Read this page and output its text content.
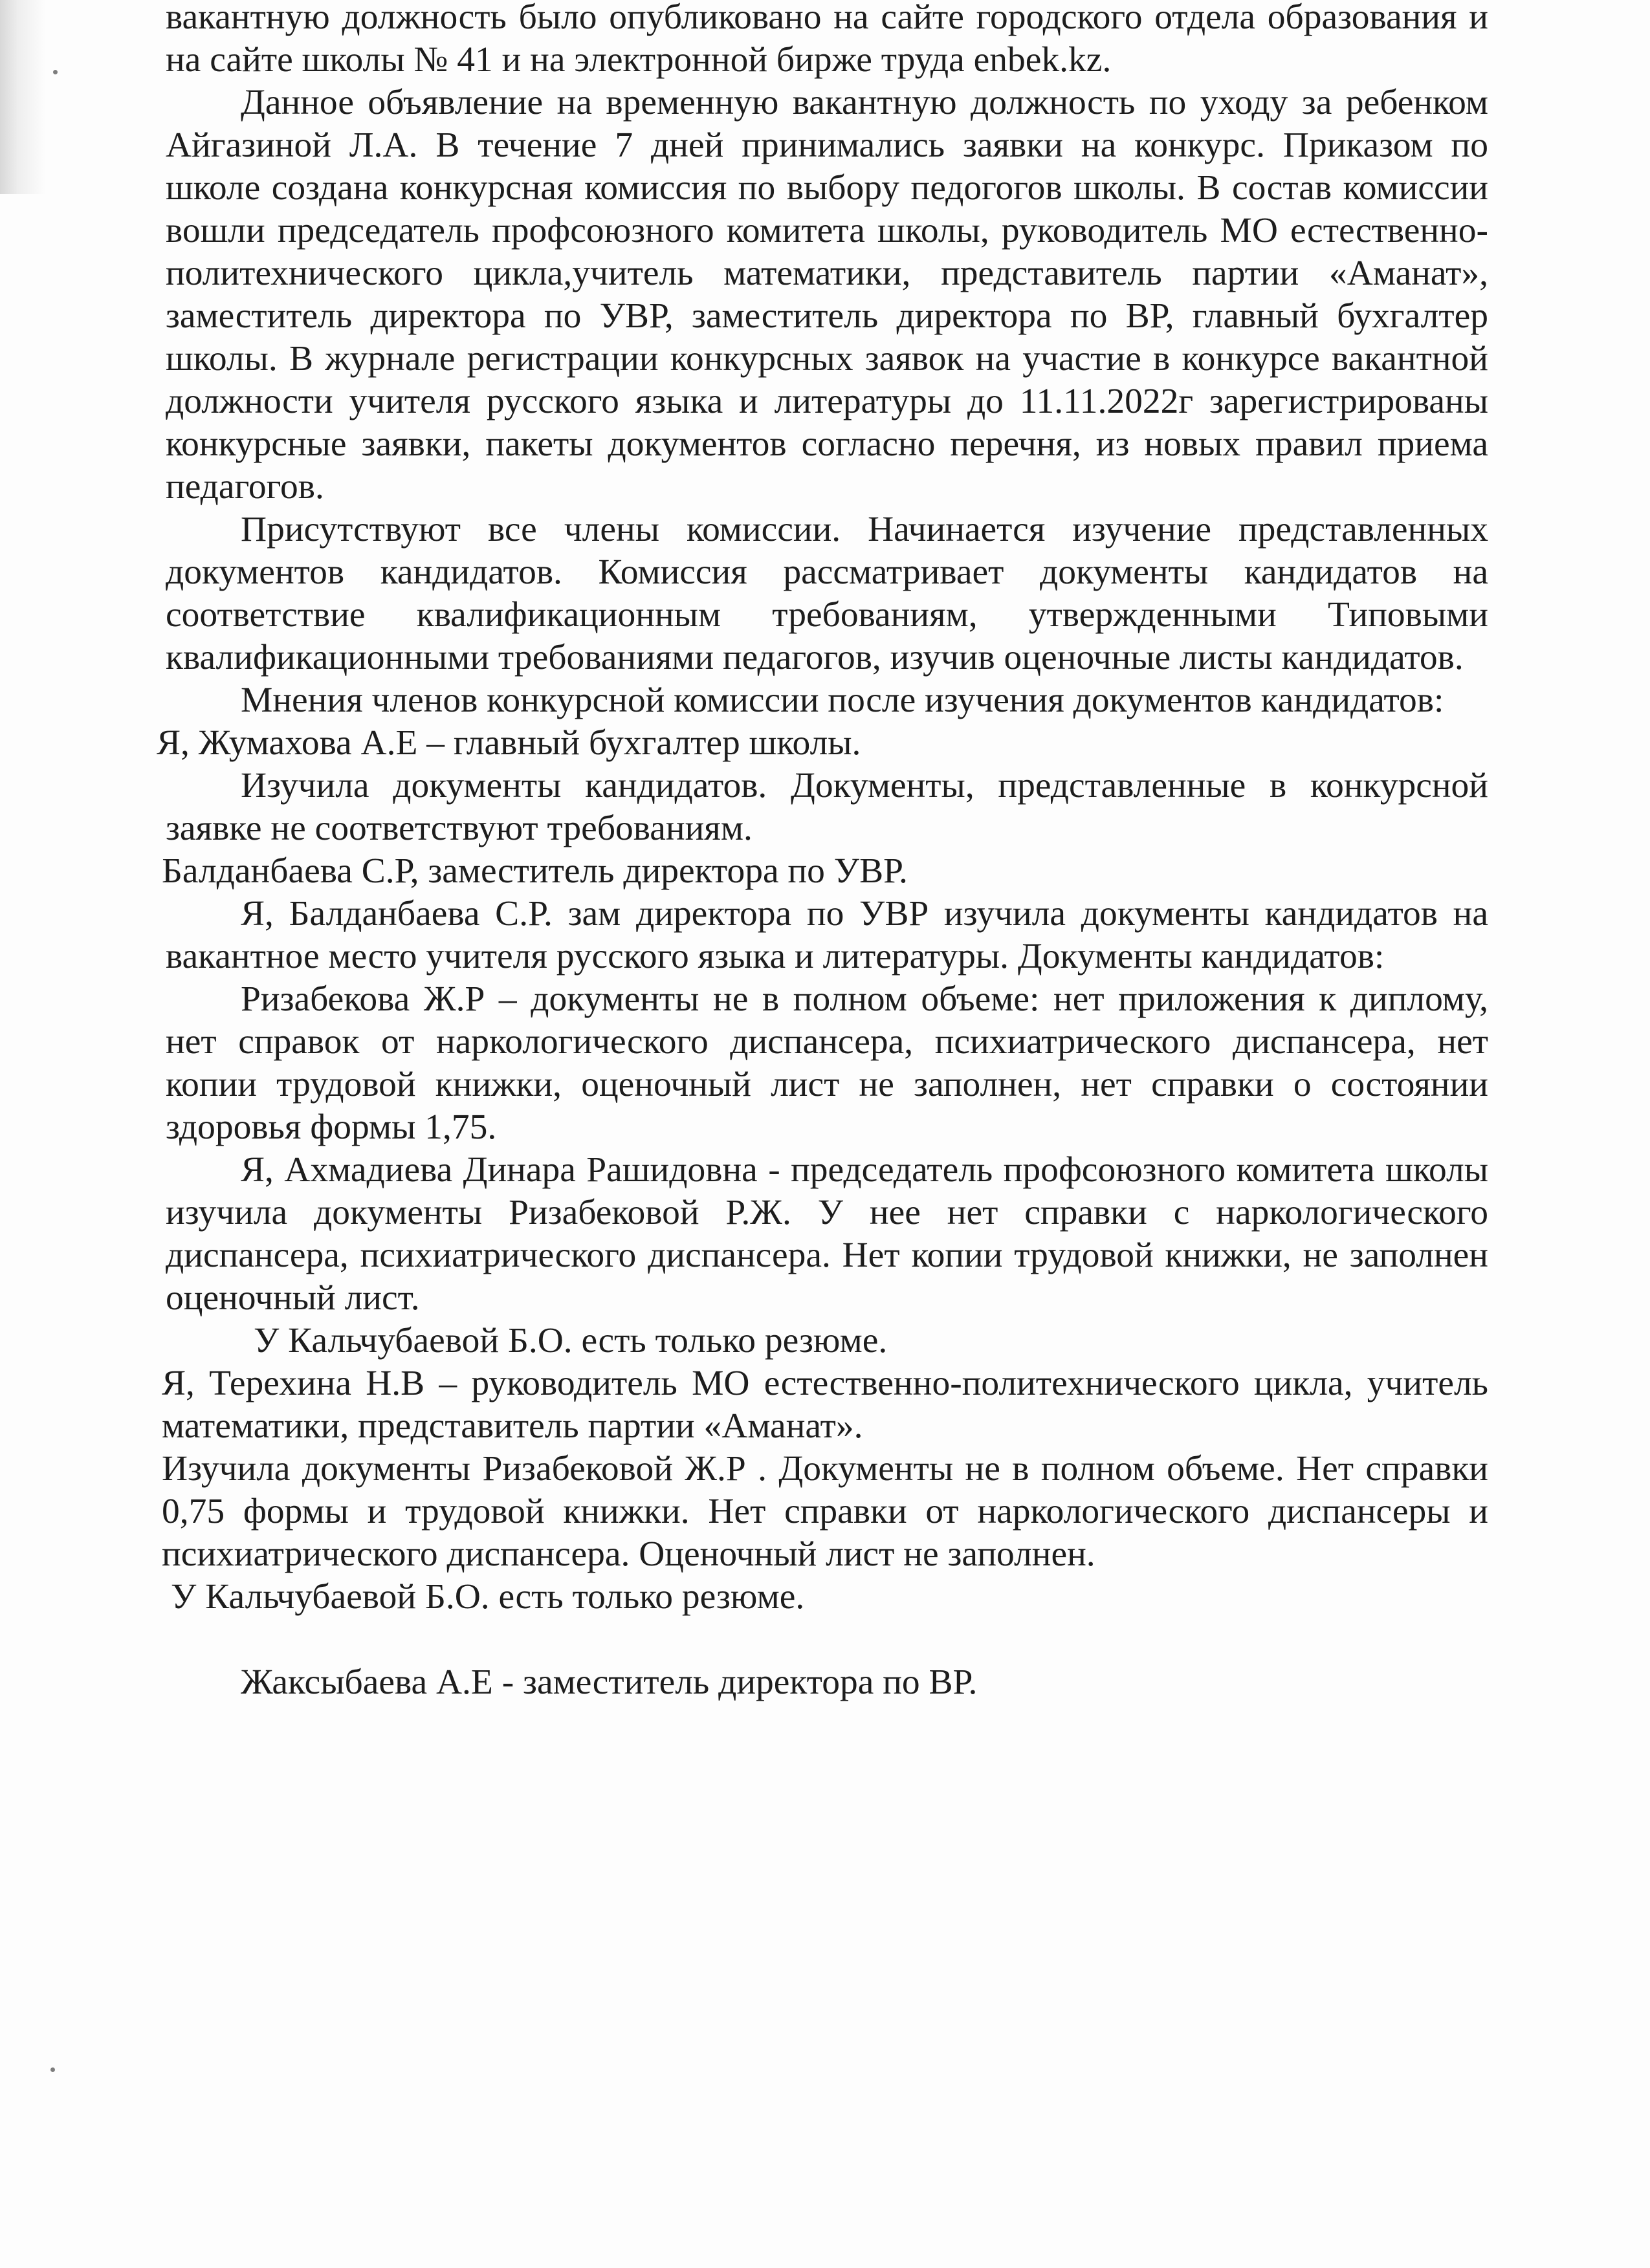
вакантную должность было опубликовано на сайте городского отдела образования и на сайте школы № 41 и на электронной бирже труда enbek.kz.

Данное объявление на временную вакантную должность по уходу за ребенком Айгазиной Л.А. В течение 7 дней принимались заявки на конкурс. Приказом по школе создана конкурсная комиссия по выбору педогогов школы. В состав комиссии вошли председатель профсоюзного комитета школы, руководитель МО естественно-политехнического цикла,учитель математики, представитель партии «Аманат», заместитель директора по УВР, заместитель директора по ВР, главный бухгалтер школы. В журнале регистрации конкурсных заявок на участие в конкурсе вакантной должности учителя русского языка и литературы до 11.11.2022г зарегистрированы конкурсные заявки, пакеты документов согласно перечня, из новых правил приема педагогов.

Присутствуют все члены комиссии. Начинается изучение представленных документов кандидатов. Комиссия рассматривает документы кандидатов на соответствие квалификационным требованиям, утвержденными Типовыми квалификационными требованиями педагогов, изучив оценочные листы кандидатов.

Мнения членов конкурсной комиссии после изучения документов кандидатов:

Я, Жумахова А.Е – главный бухгалтер школы.

Изучила документы кандидатов. Документы, представленные в конкурсной заявке не соответствуют требованиям.

Балданбаева С.Р, заместитель директора по УВР.

Я, Балданбаева С.Р. зам директора по УВР изучила документы кандидатов на вакантное место учителя русского языка и литературы. Документы кандидатов:

Ризабекова Ж.Р – документы не в полном объеме: нет приложения к диплому, нет справок от наркологического диспансера, психиатрического диспансера, нет копии трудовой книжки, оценочный лист не заполнен, нет справки о состоянии здоровья формы 1,75.

Я, Ахмадиева Динара Рашидовна - председатель профсоюзного комитета школы изучила документы Ризабековой Р.Ж. У нее нет справки с наркологического диспансера, психиатрического диспансера. Нет копии трудовой книжки, не заполнен оценочный лист.

У Кальчубаевой Б.О. есть только резюме.

Я, Терехина Н.В – руководитель МО естественно-политехнического цикла, учитель математики, представитель партии «Аманат».

Изучила документы Ризабековой Ж.Р . Документы не в полном объеме. Нет справки 0,75 формы и трудовой книжки. Нет справки от наркологического диспансеры и психиатрического диспансера. Оценочный лист не заполнен.

У Кальчубаевой Б.О. есть только резюме.

Жаксыбаева А.Е - заместитель директора по ВР.
